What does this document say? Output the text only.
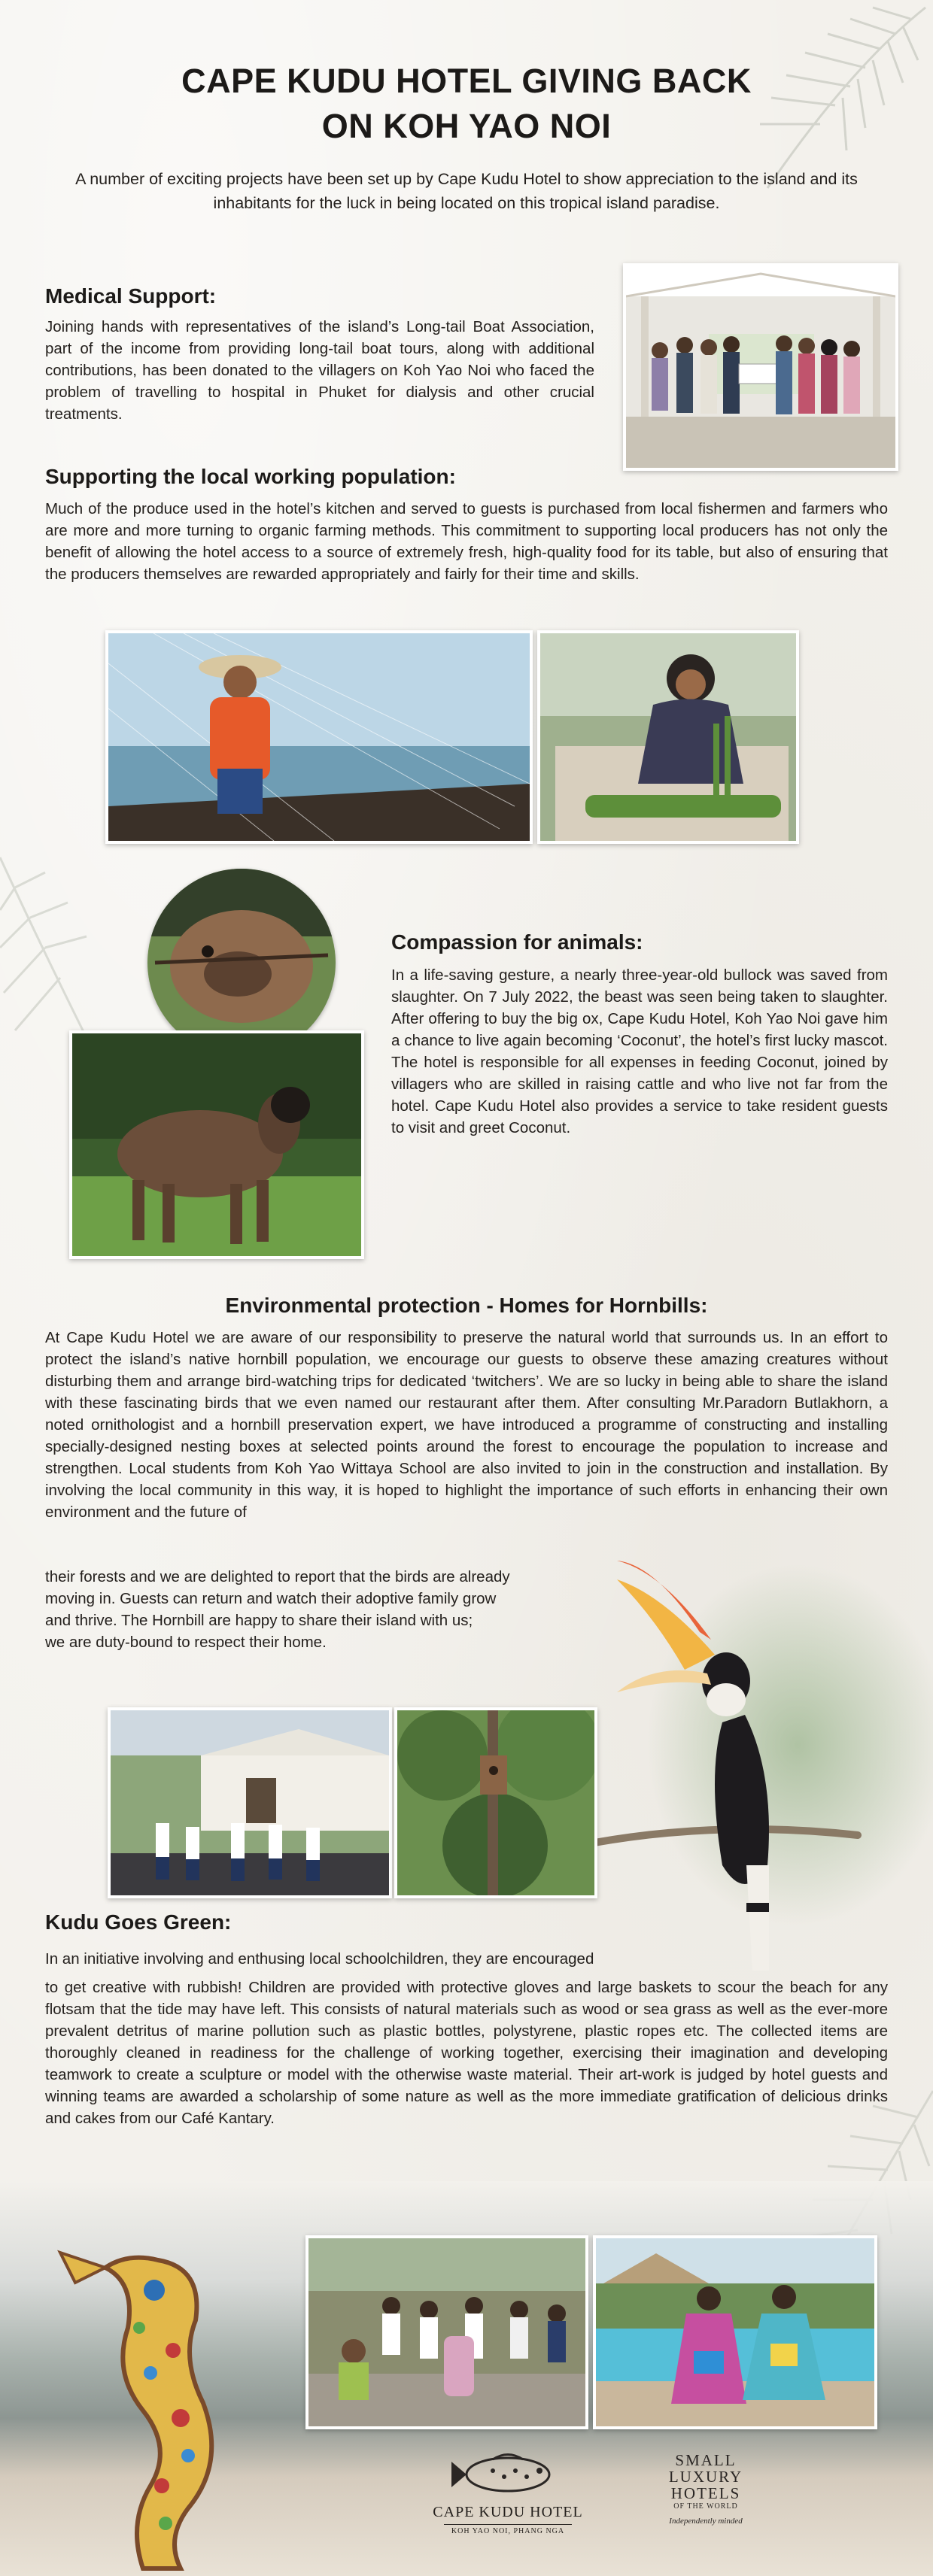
CAPE KUDU HOTEL GIVING BACK
ON KOH YAO NOI

A number of exciting projects have been set up by Cape Kudu Hotel to show appreciation to the island and its inhabitants for the luck in being located on this tropical island paradise.

Medical Support:

Joining hands with representatives of the island’s Long-tail Boat Association, part of the income from providing long-tail boat tours, along with additional contributions, has been donated to the villagers on Koh Yao Noi who faced the problem of travelling to hospital in Phuket for dialysis and other crucial treatments.

Supporting the local working population:

Much of the produce used in the hotel’s kitchen and served to guests is purchased from local fishermen and farmers who are more and more turning to organic farming methods. This commitment to supporting local producers has not only the benefit of allowing the hotel access to a source of extremely fresh, high-quality food for its table, but also of ensuring that the producers themselves are rewarded appropriately and fairly for their time and skills.

Compassion for animals:

In a life-saving gesture, a nearly three-year-old bullock was saved from slaughter. On 7 July 2022, the beast was seen being taken to slaughter. After offering to buy the big ox, Cape Kudu Hotel, Koh Yao Noi gave him a chance to live again becoming ‘Coconut’, the hotel’s first lucky mascot. The hotel is responsible for all expenses in feeding Coconut, joined by villagers who are skilled in raising cattle and who live not far from the hotel. Cape Kudu Hotel also provides a service to take resident guests to visit and greet Coconut.

Environmental protection - Homes for Hornbills:

At Cape Kudu Hotel we are aware of our responsibility to preserve the natural world that surrounds us. In an effort to protect the island’s native hornbill population, we encourage our guests to observe these amazing creatures without disturbing them and arrange bird-watching trips for dedicated ‘twitchers’. We are so lucky in being able to share the island with these fascinating birds that we even named our restaurant after them. After consulting Mr.Paradorn Butlakhorn, a noted ornithologist and a hornbill preservation expert, we have introduced a programme of constructing and installing specially-designed nesting boxes at selected points around the forest to encourage the population to increase and strengthen. Local students from Koh Yao Wittaya School are also invited to join in the construction and installation. By involving the local community in this way, it is hoped to highlight the importance of such efforts in enhancing their own environment and the future of

their forests and we are delighted to report that the birds are already
moving in. Guests can return and watch their adoptive family grow
and thrive. The Hornbill are happy to share their island with us;
we are duty-bound to respect their home.
Kudu Goes Green:

In an initiative involving and enthusing local schoolchildren, they are encouraged

to get creative with rubbish! Children are provided with protective gloves and large baskets to scour the beach for any flotsam that the tide may have left. This consists of natural materials such as wood or sea grass as well as the ever-more prevalent detritus of marine pollution such as plastic bottles, polystyrene, plastic ropes etc. The collected items are thoroughly cleaned in readiness for the challenge of working together, exercising their imagination and developing teamwork to create a sculpture or model with the otherwise waste material. Their art-work is judged by hotel guests and winning teams are awarded a scholarship of some nature as well as the more immediate gratification of delicious drinks and cakes from our Café Kantary.

CAPE KUDU HOTEL
KOH YAO NOI, PHANG NGA
SMALL
LUXURY
HOTELS
OF THE WORLD
Independently minded
